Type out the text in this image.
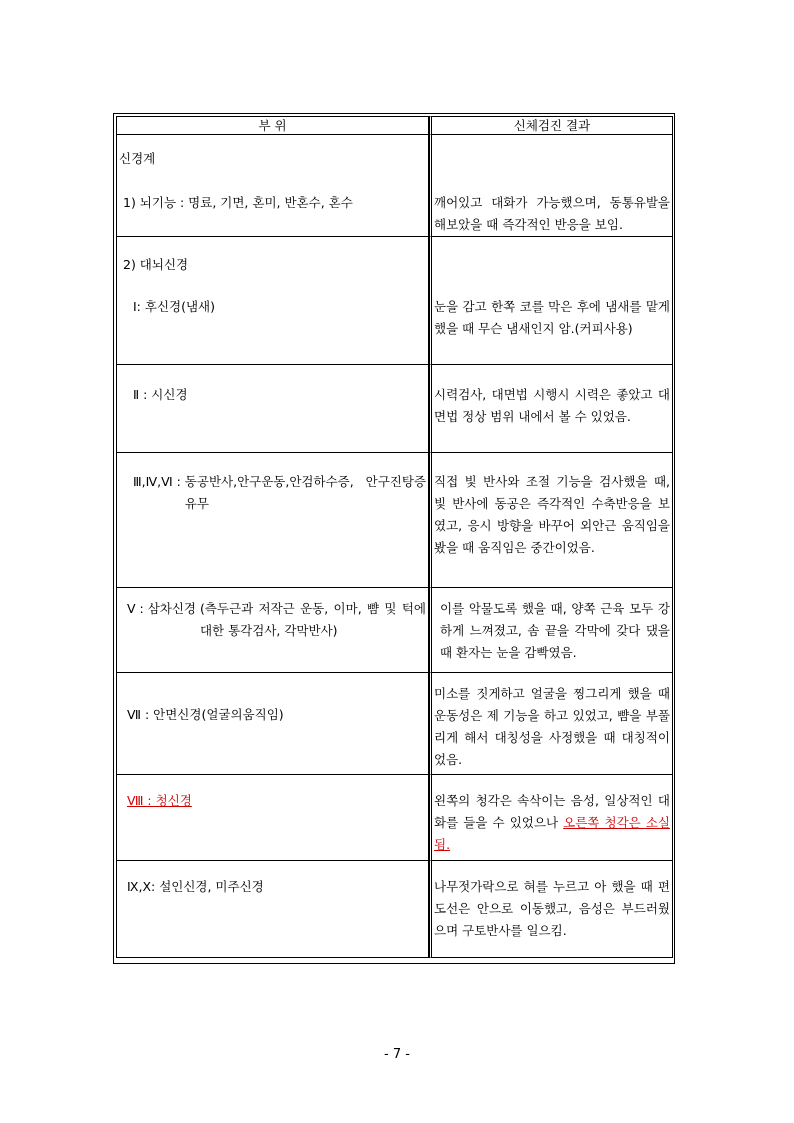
부 위	신체검진 결과

신경계
1) 뇌기능 : 명료, 기면, 혼미, 반혼수, 혼수	깨어있고 대화가 가능했으며, 동통유발을 해보았을 때 즉각적인 반응을 보임.

2) 대뇌신경
Ⅰ: 후신경(냄새)	눈을 감고 한쪽 코를 막은 후에 냄새를 맡게 했을 때 무슨 냄새인지 암.(커피사용)

Ⅱ : 시신경	시력검사, 대면법 시행시 시력은 좋았고 대면법 정상 범위 내에서 볼 수 있었음.

Ⅲ,Ⅳ,Ⅵ : 동공반사,안구운동,안검하수증, 안구진탕증 유무	직접 빛 반사와 조절 기능을 검사했을 때, 빛 반사에 동공은 즉각적인 수축반응을 보였고, 응시 방향을 바꾸어 외안근 움직임을 봤을 때 움직임은 중간이었음.

Ⅴ : 삼차신경 (측두근과 저작근 운동, 이마, 뺨 및 턱에대한 통각검사, 각막반사)	이를 악물도록 했을 때, 양쪽 근육 모두 강하게 느껴졌고, 솜 끝을 각막에 갖다 댔을 때 환자는 눈을 감빡였음.

Ⅶ : 안면신경(얼굴의움직임)	미소를 짓게하고 얼굴을 찡그리게 했을 때 운동성은 제 기능을 하고 있었고, 뺨을 부풀리게 해서 대칭성을 사정했을 때 대칭적이었음.

Ⅷ : 청신경	왼쪽의 청각은 속삭이는 음성, 일상적인 대화를 들을 수 있었으나 오른쪽 청각은 소실됨.

Ⅸ,Ⅹ: 설인신경, 미주신경	나무젓가락으로 혀를 누르고 아 했을 때 편도선은 안으로 이동했고, 음성은 부드러웠으며 구토반사를 일으킴.
- 7 -
